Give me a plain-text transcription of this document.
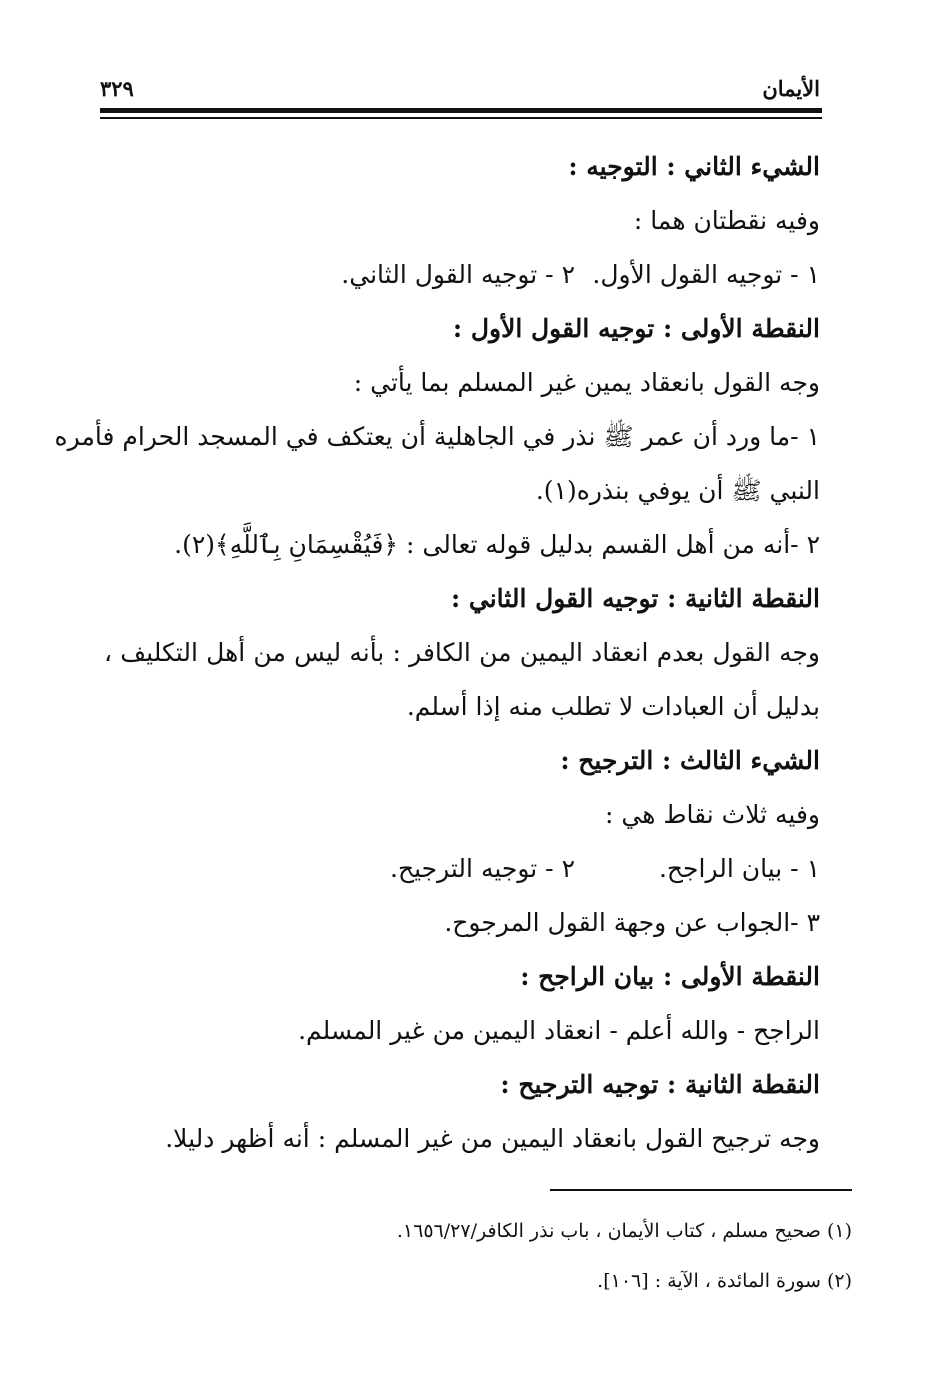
الأيمان
٣٢٩
الشيء الثاني : التوجيه :
وفيه نقطتان هما :
١ - توجيه القول الأول.
٢ - توجيه القول الثاني.
النقطة الأولى : توجيه القول الأول :
وجه القول بانعقاد يمين غير المسلم بما يأتي :
١ -ما ورد أن عمر ﷺ نذر في الجاهلية أن يعتكف في المسجد الحرام فأمره
النبي ﷺ أن يوفي بنذره(١).
٢ -أنه من أهل القسم بدليل قوله تعالى : ﴿فَيُقْسِمَانِ بِٱللَّهِ﴾(٢).
النقطة الثانية : توجيه القول الثاني :
وجه القول بعدم انعقاد اليمين من الكافر : بأنه ليس من أهل التكليف ،
بدليل أن العبادات لا تطلب منه إذا أسلم.
الشيء الثالث : الترجيح :
وفيه ثلاث نقاط هي :
١ - بيان الراجح.
٢ - توجيه الترجيح.
٣ -الجواب عن وجهة القول المرجوح.
النقطة الأولى : بيان الراجح :
الراجح - والله أعلم - انعقاد اليمين من غير المسلم.
النقطة الثانية : توجيه الترجيح :
وجه ترجيح القول بانعقاد اليمين من غير المسلم : أنه أظهر دليلا.
(١) صحيح مسلم ، كتاب الأيمان ، باب نذر الكافر/١٦٥٦/٢٧.
(٢) سورة المائدة ، الآية : [١٠٦].
